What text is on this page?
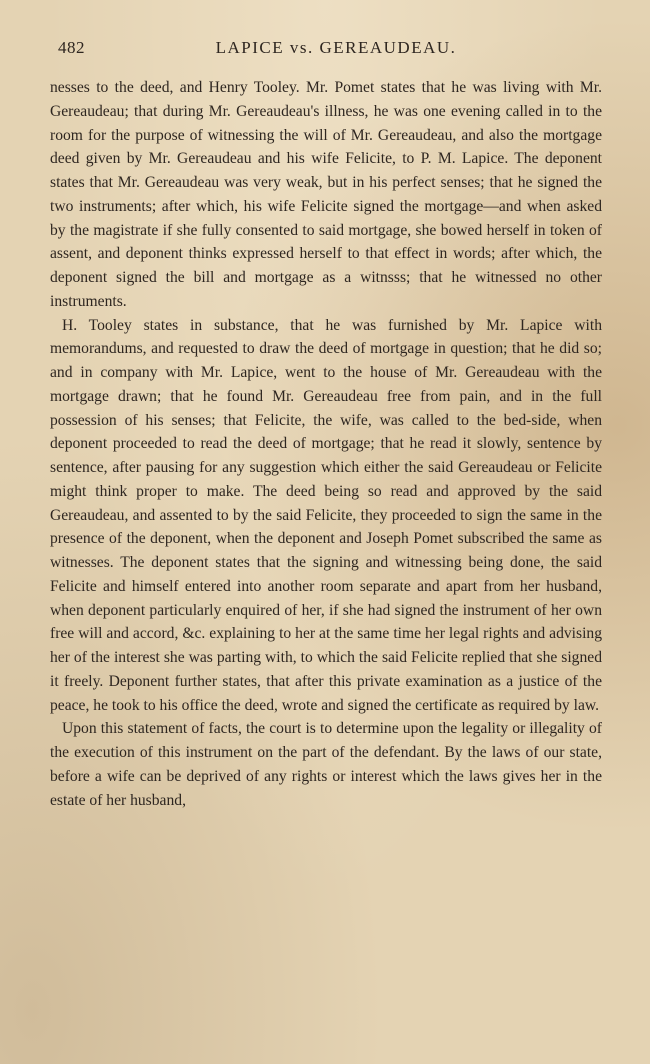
482	LAPICE vs. GEREAUDEAU.

nesses to the deed, and Henry Tooley. Mr. Pomet states that he was living with Mr. Gereaudeau; that during Mr. Gereaudeau's illness, he was one evening called in to the room for the purpose of witnessing the will of Mr. Gereaudeau, and also the mortgage deed given by Mr. Gereaudeau and his wife Felicite, to P. M. Lapice. The deponent states that Mr. Gereaudeau was very weak, but in his perfect senses; that he signed the two instruments; after which, his wife Felicite signed the mortgage—and when asked by the magistrate if she fully consented to said mortgage, she bowed herself in token of assent, and deponent thinks expressed herself to that effect in words; after which, the deponent signed the bill and mortgage as a witnsss; that he witnessed no other instruments.

H. Tooley states in substance, that he was furnished by Mr. Lapice with memorandums, and requested to draw the deed of mortgage in question; that he did so; and in company with Mr. Lapice, went to the house of Mr. Gereaudeau with the mortgage drawn; that he found Mr. Gereaudeau free from pain, and in the full possession of his senses; that Felicite, the wife, was called to the bed-side, when deponent proceeded to read the deed of mortgage; that he read it slowly, sentence by sentence, after pausing for any suggestion which either the said Gereaudeau or Felicite might think proper to make. The deed being so read and approved by the said Gereaudeau, and assented to by the said Felicite, they proceeded to sign the same in the presence of the deponent, when the deponent and Joseph Pomet subscribed the same as witnesses. The deponent states that the signing and witnessing being done, the said Felicite and himself entered into another room separate and apart from her husband, when deponent particularly enquired of her, if she had signed the instrument of her own free will and accord, &c. explaining to her at the same time her legal rights and advising her of the interest she was parting with, to which the said Felicite replied that she signed it freely. Deponent further states, that after this private examination as a justice of the peace, he took to his office the deed, wrote and signed the certificate as required by law.

Upon this statement of facts, the court is to determine upon the legality or illegality of the execution of this instrument on the part of the defendant. By the laws of our state, before a wife can be deprived of any rights or interest which the laws gives her in the estate of her husband,
